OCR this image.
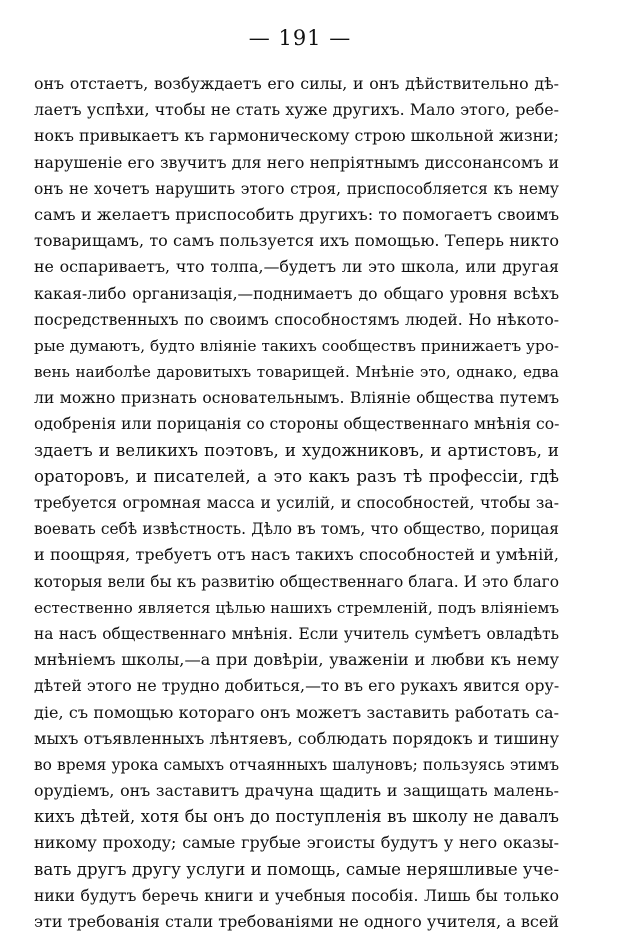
— 191 —
онъ отстаетъ, возбуждаетъ его силы, и онъ дѣйствительно дѣ-
лаетъ успѣхи, чтобы не стать хуже другихъ. Мало этого, ребе-
нокъ привыкаетъ къ гармоническому строю школьной жизни;
нарушенiе его звучитъ для него непрiятнымъ диссонансомъ и
онъ не хочетъ нарушить этого строя, приспособляется къ нему
самъ и желаетъ приспособить другихъ: то помогаетъ своимъ
товарищамъ, то самъ пользуется ихъ помощью. Теперь никто
не оспариваетъ, что толпа,—будетъ ли это школа, или другая
какая-либо организацiя,—поднимаетъ до общаго уровня всѣхъ
посредственныхъ по своимъ способностямъ людей. Но нѣкото-
рые думаютъ, будто влiянiе такихъ сообществъ принижаетъ уро-
вень наиболѣе даровитыхъ товарищей. Мнѣнiе это, однако, едва
ли можно признать основательнымъ. Влiянiе общества путемъ
одобренiя или порицанiя со стороны общественнаго мнѣнiя со-
здаетъ и великихъ поэтовъ, и художниковъ, и артистовъ, и
ораторовъ, и писателей, а это какъ разъ тѣ профессiи, гдѣ
требуется огромная масса и усилiй, и способностей, чтобы за-
воевать себѣ извѣстность. Дѣло въ томъ, что общество, порицая
и поощряя, требуетъ отъ насъ такихъ способностей и умѣнiй,
которыя вели бы къ развитiю общественнаго блага. И это благо
естественно является цѣлью нашихъ стремленiй, подъ влiянiемъ
на насъ общественнаго мнѣнiя. Если учитель сумѣетъ овладѣть
мнѣнiемъ школы,—а при довѣрiи, уваженiи и любви къ нему
дѣтей этого не трудно добиться,—то въ его рукахъ явится ору-
дiе, съ помощью котораго онъ можетъ заставить работать са-
мыхъ отъявленныхъ лѣнтяевъ, соблюдать порядокъ и тишину
во время урока самыхъ отчаянныхъ шалуновъ; пользуясь этимъ
орудiемъ, онъ заставитъ драчуна щадить и защищать малень-
кихъ дѣтей, хотя бы онъ до поступленiя въ школу не давалъ
никому проходу; самые грубые эгоисты будутъ у него оказы-
вать другъ другу услуги и помощь, самые неряшливые учe-
ники будутъ беречь книги и учебныя пособiя. Лишь бы только
эти требованiя стали требованiями не одного учителя, а всей
